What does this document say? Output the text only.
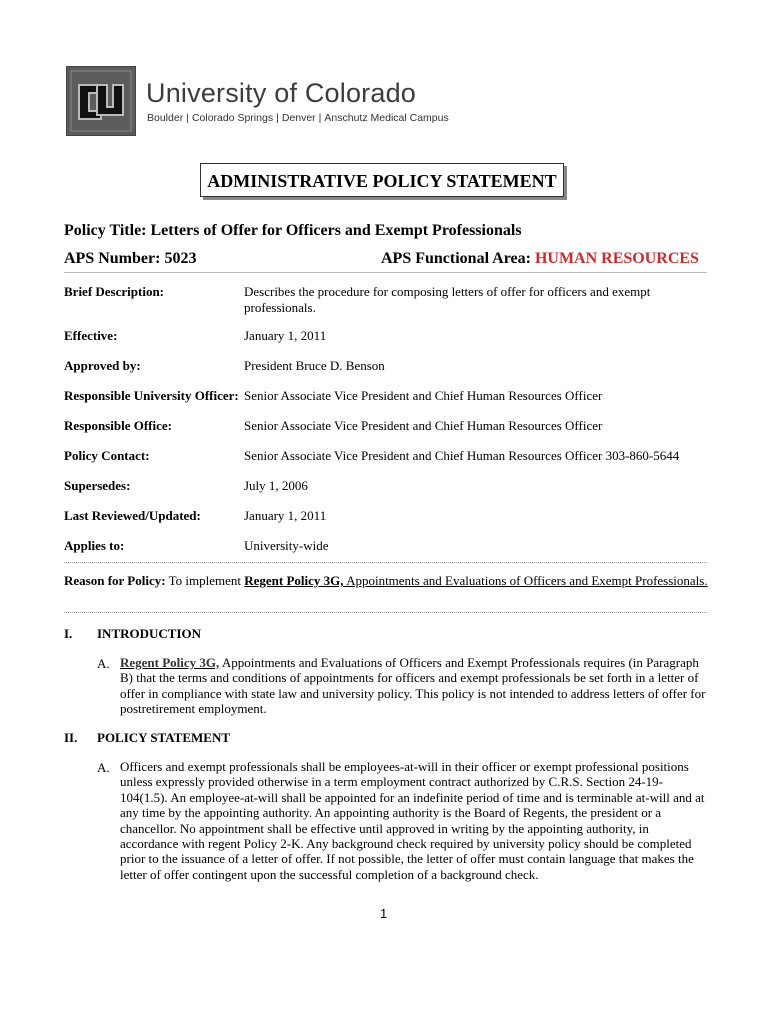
University of Colorado
Boulder | Colorado Springs | Denver | Anschutz Medical Campus
ADMINISTRATIVE POLICY STATEMENT
Policy Title: Letters of Offer for Officers and Exempt Professionals
APS Number: 5023	APS Functional Area: HUMAN RESOURCES
Brief Description:	Describes the procedure for composing letters of offer for officers and exempt professionals.
Effective:	January 1, 2011
Approved by:	President Bruce D. Benson
Responsible University Officer: Senior Associate Vice President and Chief Human Resources Officer
Responsible Office:	Senior Associate Vice President and Chief Human Resources Officer
Policy Contact:	Senior Associate Vice President and Chief Human Resources Officer 303-860-5644
Supersedes:	July 1, 2006
Last Reviewed/Updated:	January 1, 2011
Applies to:	University-wide
Reason for Policy: To implement Regent Policy 3G, Appointments and Evaluations of Officers and Exempt Professionals.
I. INTRODUCTION
A. Regent Policy 3G, Appointments and Evaluations of Officers and Exempt Professionals requires (in Paragraph B) that the terms and conditions of appointments for officers and exempt professionals be set forth in a letter of offer in compliance with state law and university policy. This policy is not intended to address letters of offer for postretirement employment.
II. POLICY STATEMENT
A. Officers and exempt professionals shall be employees-at-will in their officer or exempt professional positions unless expressly provided otherwise in a term employment contract authorized by C.R.S. Section 24-19-104(1.5). An employee-at-will shall be appointed for an indefinite period of time and is terminable at-will and at any time by the appointing authority. An appointing authority is the Board of Regents, the president or a chancellor. No appointment shall be effective until approved in writing by the appointing authority, in accordance with regent Policy 2-K. Any background check required by university policy should be completed prior to the issuance of a letter of offer. If not possible, the letter of offer must contain language that makes the letter of offer contingent upon the successful completion of a background check.
1
